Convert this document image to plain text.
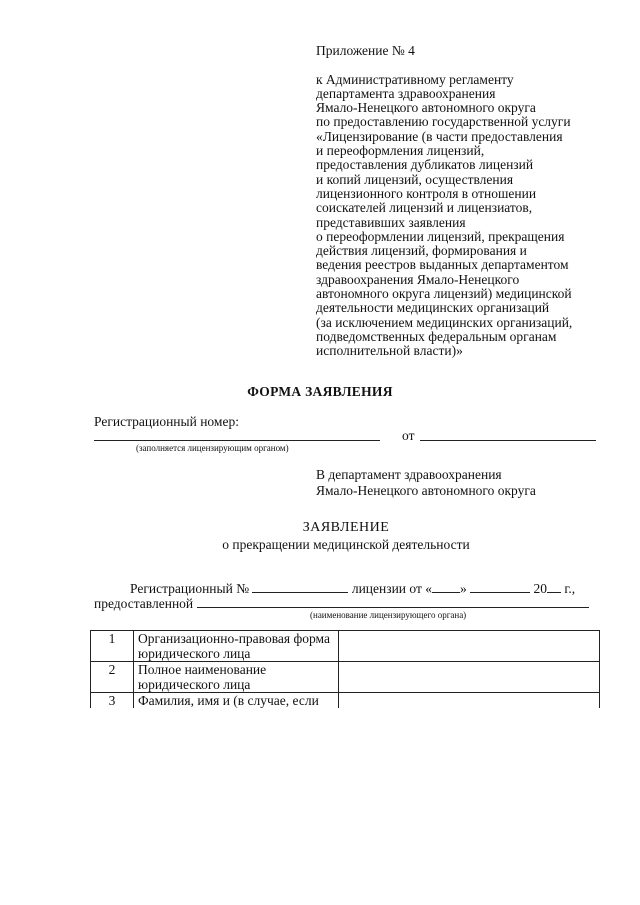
Приложение № 4
к Административному регламенту
департамента здравоохранения
Ямало-Ненецкого автономного округа
по предоставлению государственной услуги
«Лицензирование (в части предоставления
и переоформления лицензий,
предоставления дубликатов лицензий
и копий лицензий, осуществления
лицензионного контроля в отношении
соискателей лицензий и лицензиатов,
представивших заявления
о переоформлении лицензий, прекращения
действия лицензий, формирования и
ведения реестров выданных департаментом
здравоохранения Ямало-Ненецкого
автономного округа лицензий) медицинской
деятельности медицинских организаций
(за исключением медицинских организаций,
подведомственных федеральным органам
исполнительной власти)»
ФОРМА ЗАЯВЛЕНИЯ
Регистрационный номер:
(заполняется лицензирующим органом)
от
В департамент здравоохранения
Ямало-Ненецкого автономного округа
ЗАЯВЛЕНИЕ
о прекращении медицинской деятельности
Регистрационный №	лицензии от « »	20 г.,
предоставленной
(наименование лицензирующего органа)
1	Организационно-правовая форма юридического лица	
2	Полное наименование юридического лица	
3	Фамилия, имя и (в случае, если	
